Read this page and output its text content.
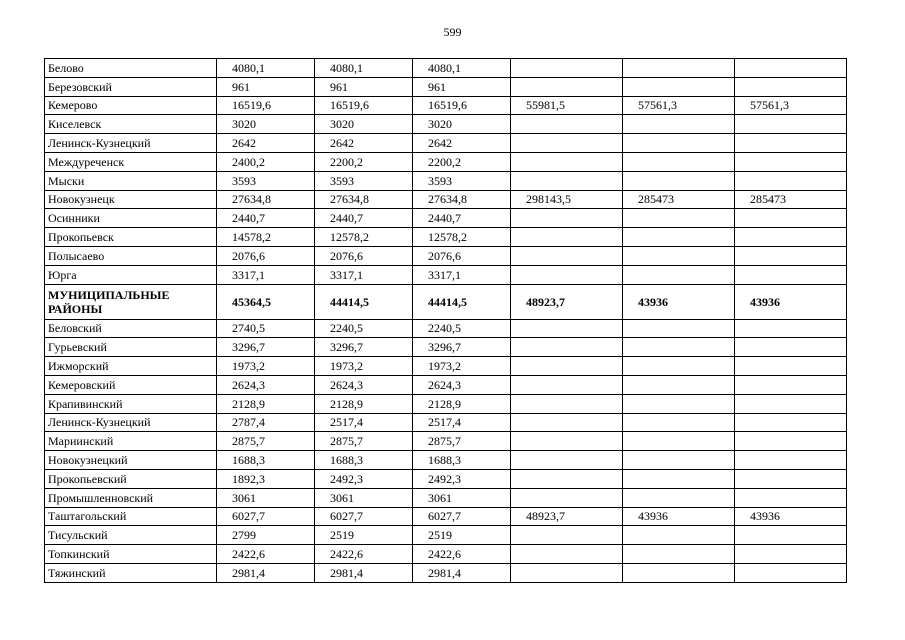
599
Белово	4080,1	4080,1	4080,1			
Березовский	961	961	961			
Кемерово	16519,6	16519,6	16519,6	55981,5	57561,3	57561,3
Киселевск	3020	3020	3020			
Ленинск-Кузнецкий	2642	2642	2642			
Междуреченск	2400,2	2200,2	2200,2			
Мыски	3593	3593	3593			
Новокузнецк	27634,8	27634,8	27634,8	298143,5	285473	285473
Осинники	2440,7	2440,7	2440,7			
Прокопьевск	14578,2	12578,2	12578,2			
Полысаево	2076,6	2076,6	2076,6			
Юрга	3317,1	3317,1	3317,1			
МУНИЦИПАЛЬНЫЕ РАЙОНЫ	45364,5	44414,5	44414,5	48923,7	43936	43936
Беловский	2740,5	2240,5	2240,5			
Гурьевский	3296,7	3296,7	3296,7			
Ижморский	1973,2	1973,2	1973,2			
Кемеровский	2624,3	2624,3	2624,3			
Крапивинский	2128,9	2128,9	2128,9			
Ленинск-Кузнецкий	2787,4	2517,4	2517,4			
Мариинский	2875,7	2875,7	2875,7			
Новокузнецкий	1688,3	1688,3	1688,3			
Прокопьевский	1892,3	2492,3	2492,3			
Промышленновский	3061	3061	3061			
Таштагольский	6027,7	6027,7	6027,7	48923,7	43936	43936
Тисульский	2799	2519	2519			
Топкинский	2422,6	2422,6	2422,6			
Тяжинский	2981,4	2981,4	2981,4			
